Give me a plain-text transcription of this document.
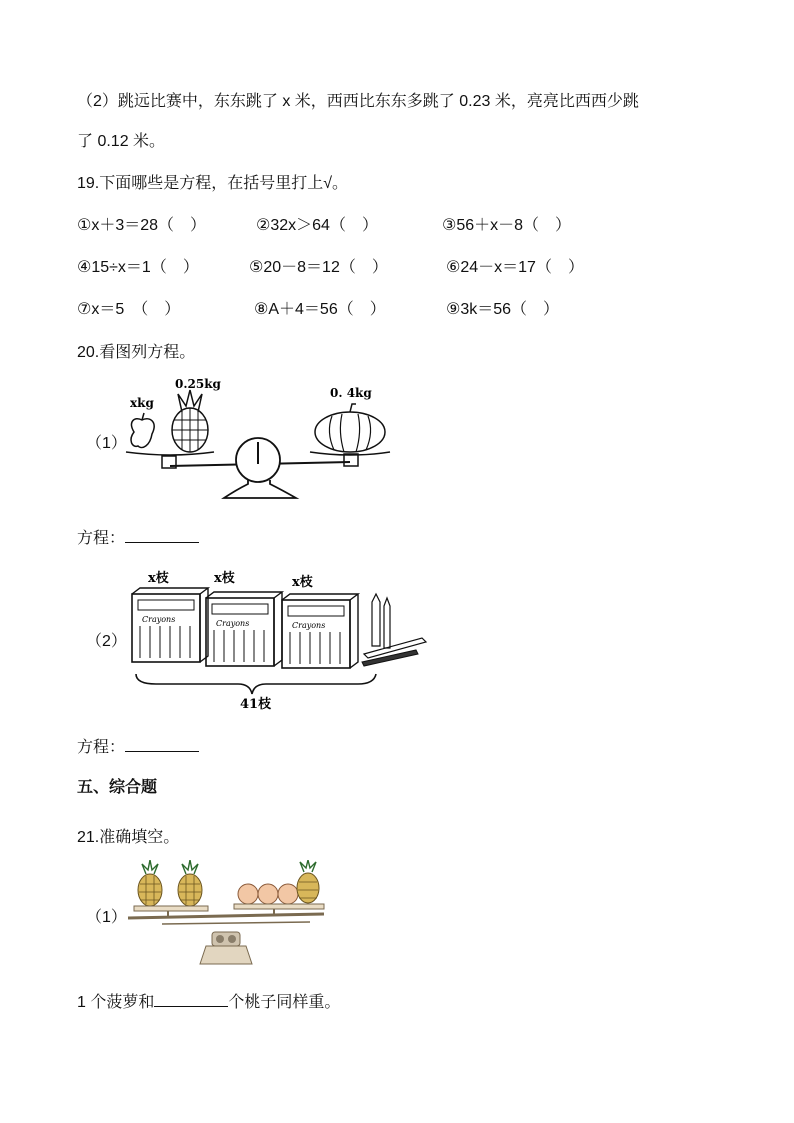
（2）跳远比赛中，东东跳了 x 米，西西比东东多跳了 0.23 米，亮亮比西西少跳
了 0.12 米。
19.下面哪些是方程，在括号里打上√。
①x＋3＝28（　）	②32x＞64（　）	③56＋x－8（　）
④15÷x＝1（　）	⑤20－8＝12（　）	⑥24－x＝17（　）
⑦x＝5　（　）	⑧A＋4＝56（　）	⑨3k＝56（　）
20.看图列方程。
（1）
xkg
0.25kg
0. 4kg
方程：
（2）
x枝	x枝	x枝
Crayons	Crayons	Crayons
41枝
方程：
五、综合题
21.准确填空。
（1）
1 个菠萝和	个桃子同样重。
